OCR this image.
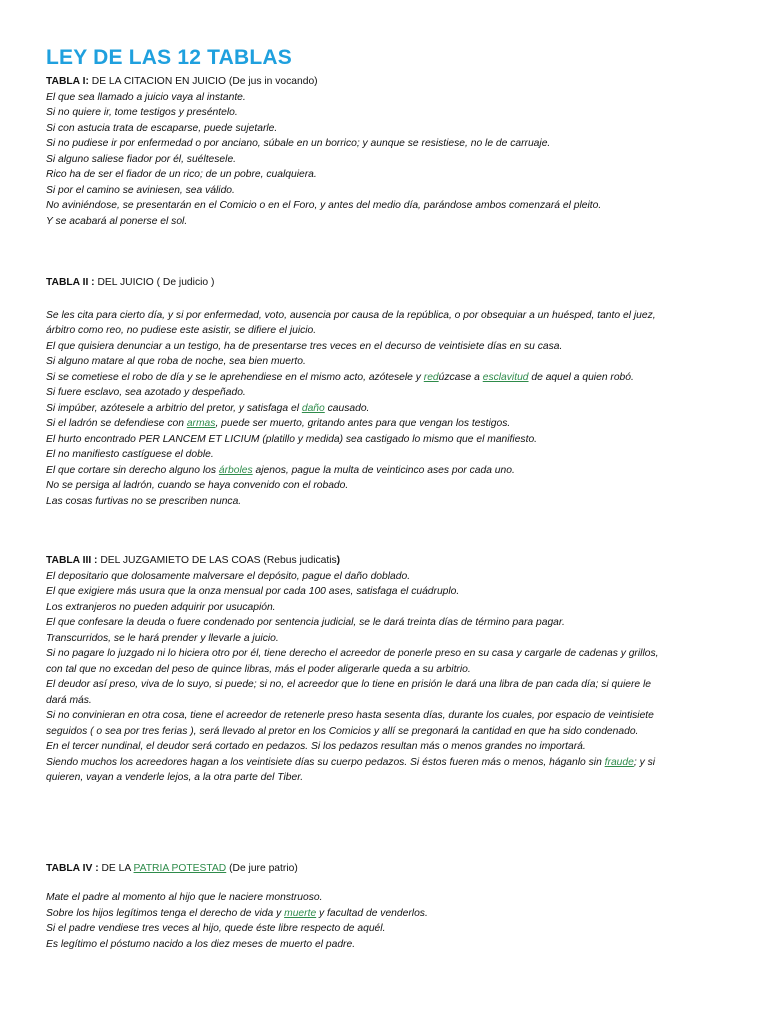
LEY DE LAS 12 TABLAS

TABLA I: DE LA CITACION EN JUICIO (De jus in vocando)

El que sea llamado a juicio vaya al instante.
Si no quiere ir, tome testigos y preséntelo.
Si con astucia trata de escaparse, puede sujetarle.
Si no pudiese ir por enfermedad o por anciano, súbale en un borrico; y aunque se resistiese, no le de carruaje.
Si alguno saliese fiador por él, suéltesele.
Rico ha de ser el fiador de un rico; de un pobre, cualquiera.
Si por el camino se aviniesen, sea válido.
No aviniéndose, se presentarán en el Comicio o en el Foro, y antes del medio día, parándose ambos comenzará el pleito.
Y se acabará al ponerse el sol.

TABLA II : DEL JUICIO ( De judicio )

Se les cita para cierto día, y si por enfermedad, voto, ausencia por causa de la república, o por obsequiar a un huésped, tanto el juez,
árbitro como reo, no pudiese este asistir, se difiere el juicio.
El que quisiera denunciar a un testigo, ha de presentarse tres veces en el decurso de veintisiete días en su casa.
Si alguno matare al que roba de noche, sea bien muerto.
Si se cometiese el robo de día y se le aprehendiese en el mismo acto, azótesele y redúzcase a esclavitud de aquel a quien robó.
Si fuere esclavo, sea azotado y despeñado.
Si impúber, azótesele a arbitrio del pretor, y satisfaga el daño causado.
Si el ladrón se defendiese con armas, puede ser muerto, gritando antes para que vengan los testigos.
El hurto encontrado PER LANCEM ET LICIUM (platillo y medida) sea castigado lo mismo que el manifiesto.
El no manifiesto castíguese el doble.
El que cortare sin derecho alguno los árboles ajenos, pague la multa de veinticinco ases por cada uno.
No se persiga al ladrón, cuando se haya convenido con el robado.
Las cosas furtivas no se prescriben nunca.

TABLA III : DEL JUZGAMIETO DE LAS COAS (Rebus judicatis)

El depositario que dolosamente malversare el depósito, pague el daño doblado.
El que exigiere más usura que la onza mensual por cada 100 ases, satisfaga el cuádruplo.
Los extranjeros no pueden adquirir por usucapión.
El que confesare la deuda o fuere condenado por sentencia judicial, se le dará treinta días de término para pagar.
Transcurridos, se le hará prender y llevarle a juicio.
Si no pagare lo juzgado ni lo hiciera otro por él, tiene derecho el acreedor de ponerle preso en su casa y cargarle de cadenas y grillos,
con tal que no excedan del peso de quince libras, más el poder aligerarle queda a su arbitrio.
El deudor así preso, viva de lo suyo, si puede; si no, el acreedor que lo tiene en prisión le dará una libra de pan cada día; si quiere le
dará más.
Si no convinieran en otra cosa, tiene el acreedor de retenerle preso hasta sesenta días, durante los cuales, por espacio de veintisiete
seguidos ( o sea por tres ferias ), será llevado al pretor en los Comicios y allí se pregonará la cantidad en que ha sido condenado.
En el tercer nundinal, el deudor será cortado en pedazos. Si los pedazos resultan más o menos grandes no importará.
Siendo muchos los acreedores hagan a los veintisiete días su cuerpo pedazos. Si éstos fueren más o menos, háganlo sin fraude; y si
quieren, vayan a venderle lejos, a la otra parte del Tiber.

TABLA IV : DE LA PATRIA POTESTAD (De jure patrio)

Mate el padre al momento al hijo que le naciere monstruoso.
Sobre los hijos legítimos tenga el derecho de vida y muerte y facultad de venderlos.
Si el padre vendiese tres veces al hijo, quede éste libre respecto de aquél.
Es legítimo el póstumo nacido a los diez meses de muerto el padre.
